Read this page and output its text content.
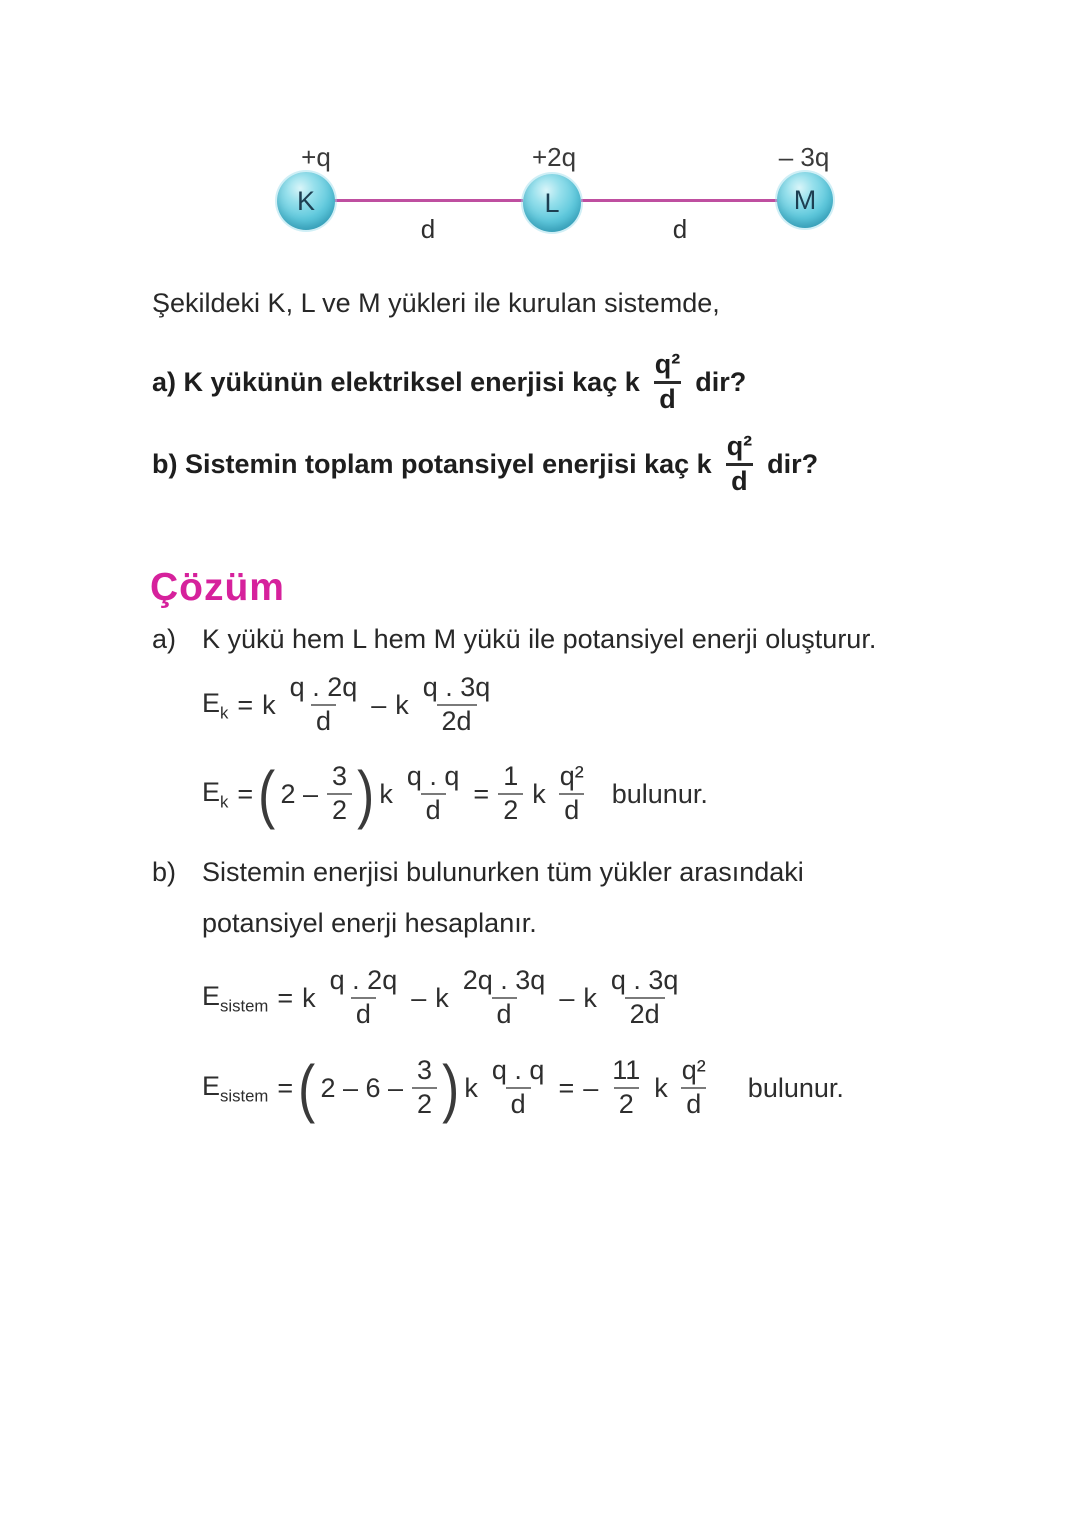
+q	+2q	– 3q
K	L	M
d	d

Şekildeki K, L ve M yükleri ile kurulan sistemde,

a) K yükünün elektriksel enerjisi kaç k $\frac{\text{q²}}{d}$ dir?
b) Sistemin toplam potansiyel enerjisi kaç k $\frac{\text{q²}}{d}$ dir?
Çözüm
a) K yükü hem L hem M yükü ile potansiyel enerji oluşturur.

$E_k = k \frac{q . 2q}{d} - k \frac{q . 3q}{2d}$
$E_k$ = ( $2 - \frac{3}{2}$ ) k $\frac{q . q}{d} = \frac{1}{2}$ k $\frac{\text{q²}}{d}$ bulunur.
b) Sistemin enerjisi bulunurken tüm yükler arasındaki

potansiyel enerji hesaplanır.

$E_{sistem} = k \frac{q . 2q}{d} - k \frac{2q . 3q}{d} - k \frac{q . 3q}{2d}$
$E_{sistem}$ = ( $2 - 6 - \frac{3}{2}$ ) k $\frac{q . q}{d}$ = – $\frac{11}{2}$ k $\frac{\text{q²}}{d}$ bulunur.
